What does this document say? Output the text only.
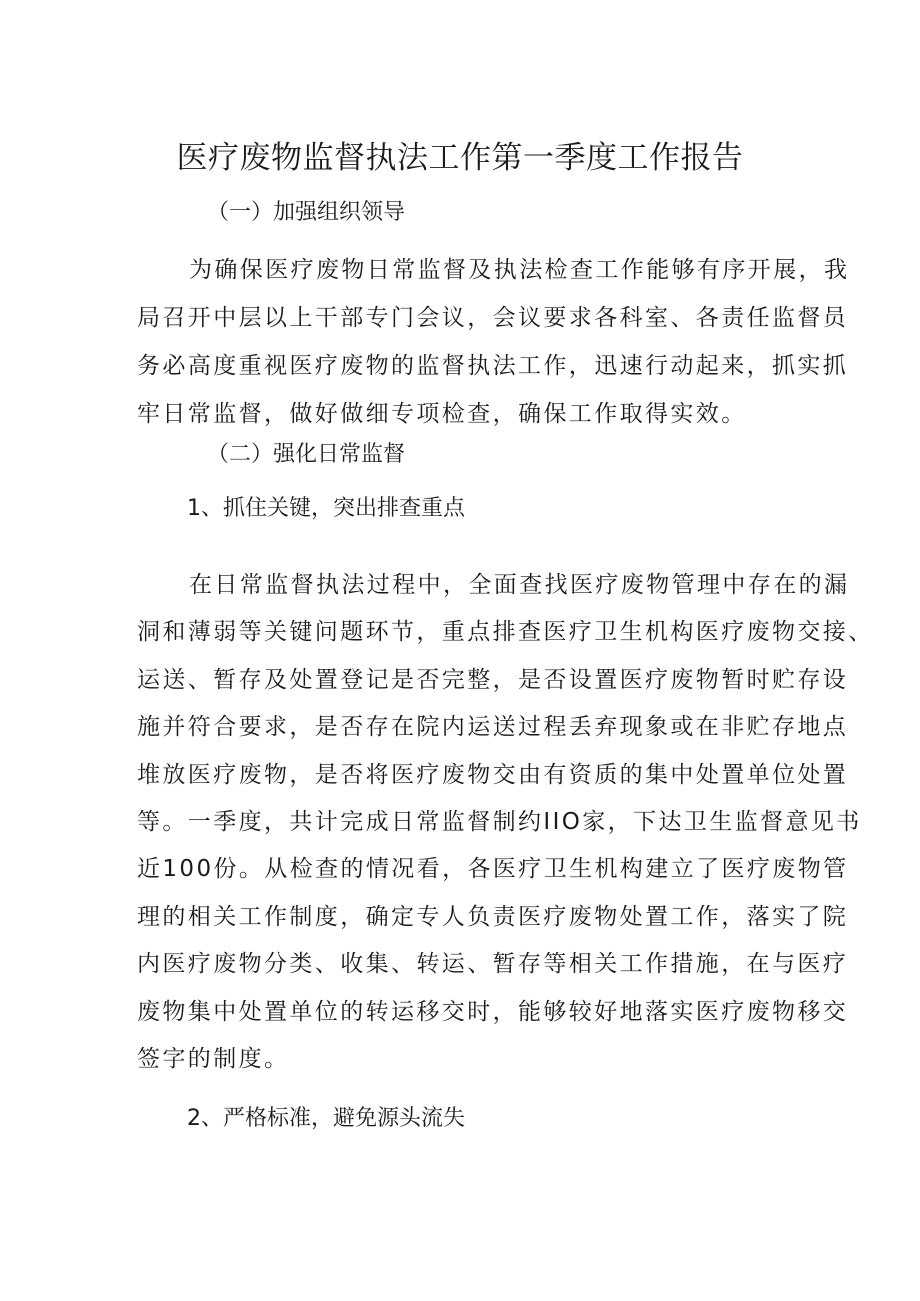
医疗废物监督执法工作第一季度工作报告
（一）加强组织领导

为确保医疗废物日常监督及执法检查工作能够有序开展，我
局召开中层以上干部专门会议，会议要求各科室、各责任监督员
务必高度重视医疗废物的监督执法工作，迅速行动起来，抓实抓
牢日常监督，做好做细专项检查，确保工作取得实效。

（二）强化日常监督
1、抓住关键，突出排查重点

在日常监督执法过程中，全面查找医疗废物管理中存在的漏
洞和薄弱等关键问题环节，重点排查医疗卫生机构医疗废物交接、
运送、暂存及处置登记是否完整，是否设置医疗废物暂时贮存设
施并符合要求，是否存在院内运送过程丢弃现象或在非贮存地点
堆放医疗废物，是否将医疗废物交由有资质的集中处置单位处置
等。一季度，共计完成日常监督制约IIO家，下达卫生监督意见书
近100份。从检查的情况看，各医疗卫生机构建立了医疗废物管
理的相关工作制度，确定专人负责医疗废物处置工作，落实了院
内医疗废物分类、收集、转运、暂存等相关工作措施，在与医疗
废物集中处置单位的转运移交时，能够较好地落实医疗废物移交
签字的制度。

2、严格标准，避免源头流失
